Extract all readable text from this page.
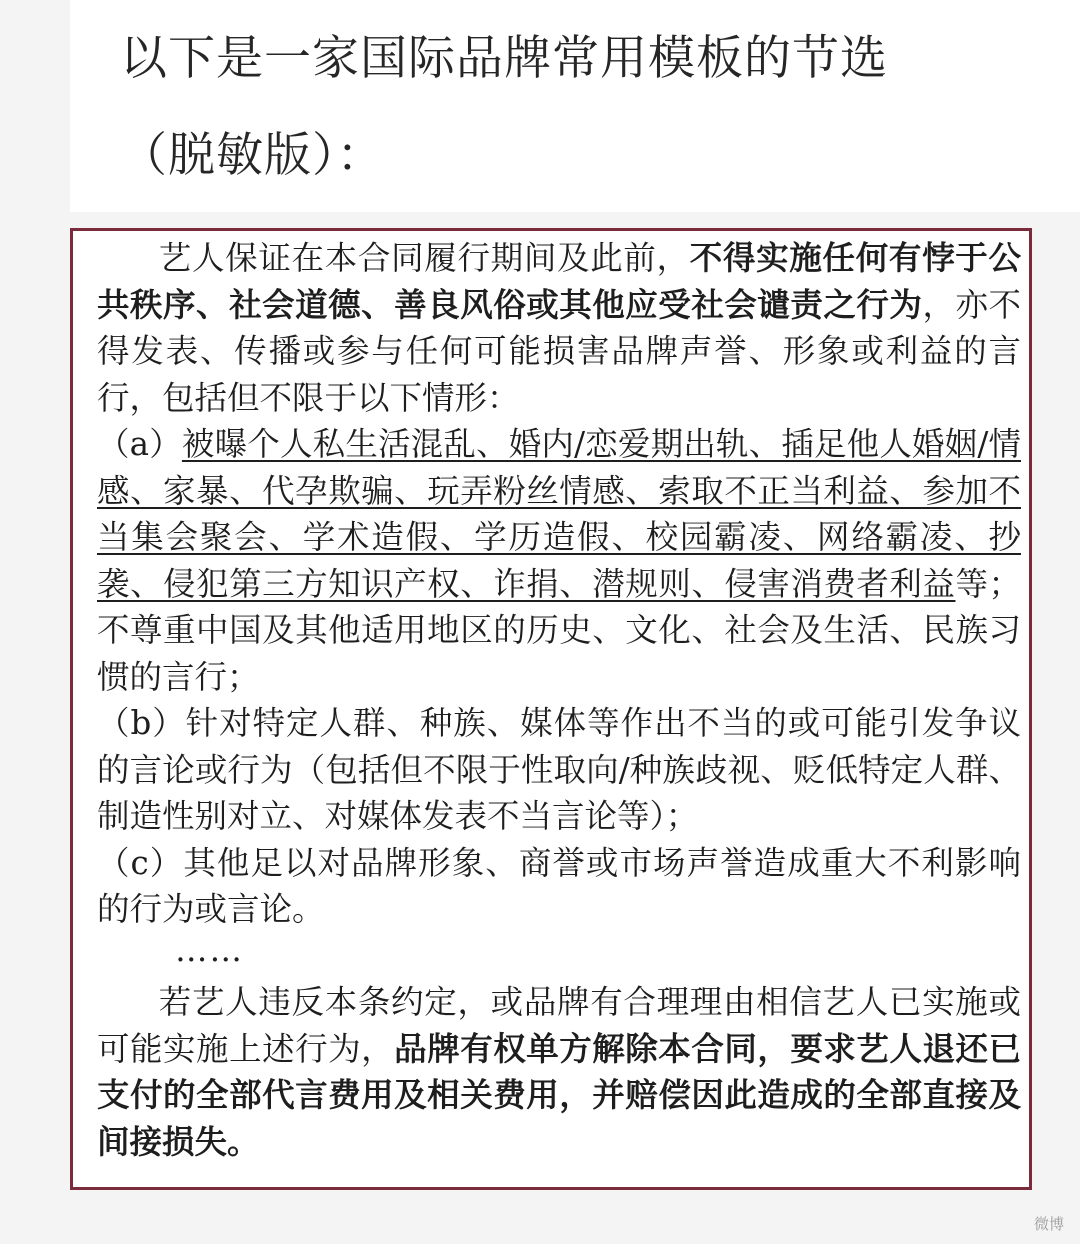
以下是一家国际品牌常用模板的节选
（脱敏版）：

艺人保证在本合同履行期间及此前，不得实施任何有悖于公共秩序、社会道德、善良风俗或其他应受社会谴责之行为，亦不得发表、传播或参与任何可能损害品牌声誉、形象或利益的言行，包括但不限于以下情形：

（a）被曝个人私生活混乱、婚内/恋爱期出轨、插足他人婚姻/情感、家暴、代孕欺骗、玩弄粉丝情感、索取不正当利益、参加不当集会聚会、学术造假、学历造假、校园霸凌、网络霸凌、抄袭、侵犯第三方知识产权、诈捐、潜规则、侵害消费者利益等；不尊重中国及其他适用地区的历史、文化、社会及生活、民族习惯的言行；

（b）针对特定人群、种族、媒体等作出不当的或可能引发争议的言论或行为（包括但不限于性取向/种族歧视、贬低特定人群、制造性别对立、对媒体发表不当言论等）；

（c）其他足以对品牌形象、商誉或市场声誉造成重大不利影响的行为或言论。

……

若艺人违反本条约定，或品牌有合理理由相信艺人已实施或可能实施上述行为，品牌有权单方解除本合同，要求艺人退还已支付的全部代言费用及相关费用，并赔偿因此造成的全部直接及间接损失。

微博
